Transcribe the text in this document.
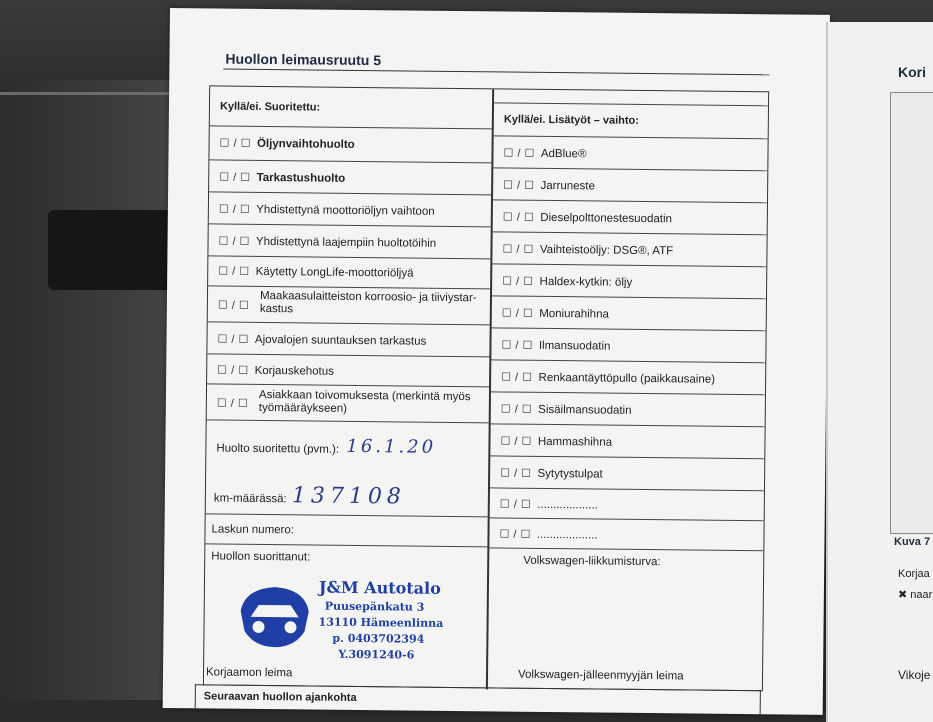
Huollon leimausruutu 5
Kyllä/ei. Suoritettu:
Kyllä/ei. Lisätyöt – vaihto:
☐ / ☐ Öljynvaihtohuolto
☐ / ☐ Tarkastushuolto
☐ / ☐ Yhdistettynä moottoriöljyn vaihtoon
☐ / ☐ Yhdistettynä laajempiin huoltotöihin
☐ / ☐ Käytetty LongLife-moottoriöljyä
☐ / ☐
Maakaasulaitteiston korroosio- ja tiiviystar-kastus
☐ / ☐ Ajovalojen suuntauksen tarkastus
☐ / ☐ Korjauskehotus
☐ / ☐
Asiakkaan toivomuksesta (merkintä myös työmääräykseen)
Huolto suoritettu (pvm.): 16.1.20
km-määrässä: 137108
Laskun numero:
Huollon suorittanut:
Korjaamon leima
J&M Autotalo
Puusepänkatu 3
13110 Hämeenlinna
p. 0403702394
Y.3091240-6
☐ / ☐ AdBlue®
☐ / ☐ Jarruneste
☐ / ☐ Dieselpolttonestesuodatin
☐ / ☐ Vaihteistoöljy: DSG®, ATF
☐ / ☐ Haldex-kytkin: öljy
☐ / ☐ Moniurahihna
☐ / ☐ Ilmansuodatin
☐ / ☐ Renkaantäyttöpullo (paikkausaine)
☐ / ☐ Sisäilmansuodatin
☐ / ☐ Hammashihna
☐ / ☐ Sytytystulpat
☐ / ☐ ...................
☐ / ☐ ...................
Volkswagen-liikkumisturva:
Volkswagen-jälleenmyyjän leima
Seuraavan huollon ajankohta
Kori
Kuva 7
Korjaa
✖ naar
Vikoje
